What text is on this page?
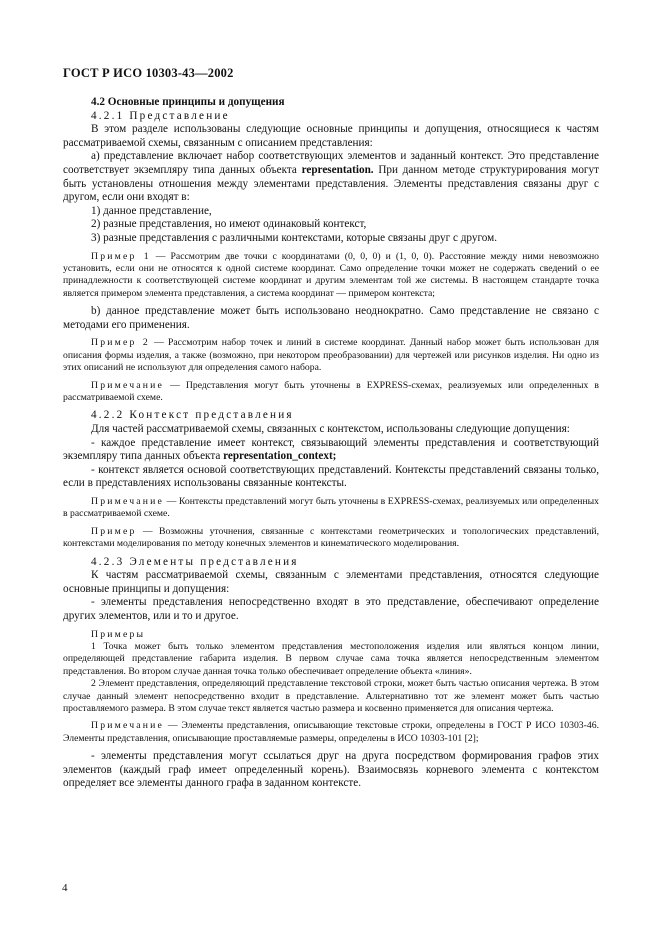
ГОСТ Р ИСО 10303-43—2002

4.2 Основные принципы и допущения

4.2.1 Представление

В этом разделе использованы следующие основные принципы и допущения, относящиеся к частям рассматриваемой схемы, связанным с описанием представления:

а) представление включает набор соответствующих элементов и заданный контекст. Это представление соответствует экземпляру типа данных объекта representation. При данном методе структурирования могут быть установлены отношения между элементами представления. Элементы представления связаны друг с другом, если они входят в:

1) данное представление,

2) разные представления, но имеют одинаковый контекст,

3) разные представления с различными контекстами, которые связаны друг с другом.

Пример 1 — Рассмотрим две точки с координатами (0, 0, 0) и (1, 0, 0). Расстояние между ними невозможно установить, если они не относятся к одной системе координат. Само определение точки может не содержать сведений о ее принадлежности к соответствующей системе координат и другим элементам той же системы. В настоящем стандарте точка является примером элемента представления, а система координат — примером контекста;

b) данное представление может быть использовано неоднократно. Само представление не связано с методами его применения.

Пример 2 — Рассмотрим набор точек и линий в системе координат. Данный набор может быть использован для описания формы изделия, а также (возможно, при некотором преобразовании) для чертежей или рисунков изделия. Ни одно из этих описаний не используют для определения самого набора.

Примечание — Представления могут быть уточнены в EXPRESS-схемах, реализуемых или определенных в рассматриваемой схеме.

4.2.2 Контекст представления

Для частей рассматриваемой схемы, связанных с контекстом, использованы следующие допущения:

- каждое представление имеет контекст, связывающий элементы представления и соответствующий экземпляру типа данных объекта representation_context;

- контекст является основой соответствующих представлений. Контексты представлений связаны только, если в представлениях использованы связанные контексты.

Примечание — Контексты представлений могут быть уточнены в EXPRESS-схемах, реализуемых или определенных в рассматриваемой схеме.

Пример — Возможны уточнения, связанные с контекстами геометрических и топологических представлений, контекстами моделирования по методу конечных элементов и кинематического моделирования.

4.2.3 Элементы представления

К частям рассматриваемой схемы, связанным с элементами представления, относятся следующие основные принципы и допущения:

- элементы представления непосредственно входят в это представление, обеспечивают определение других элементов, или и то и другое.

Примеры

1 Точка может быть только элементом представления местоположения изделия или являться концом линии, определяющей представление габарита изделия. В первом случае сама точка является непосредственным элементом представления. Во втором случае данная точка только обеспечивает определение объекта «линия».

2 Элемент представления, определяющий представление текстовой строки, может быть частью описания чертежа. В этом случае данный элемент непосредственно входит в представление. Альтернативно тот же элемент может быть частью проставляемого размера. В этом случае текст является частью размера и косвенно применяется для описания чертежа.

Примечание — Элементы представления, описывающие текстовые строки, определены в ГОСТ Р ИСО 10303-46. Элементы представления, описывающие проставляемые размеры, определены в ИСО 10303-101 [2];

- элементы представления могут ссылаться друг на друга посредством формирования графов этих элементов (каждый граф имеет определенный корень). Взаимосвязь корневого элемента с контекстом определяет все элементы данного графа в заданном контексте.

4
